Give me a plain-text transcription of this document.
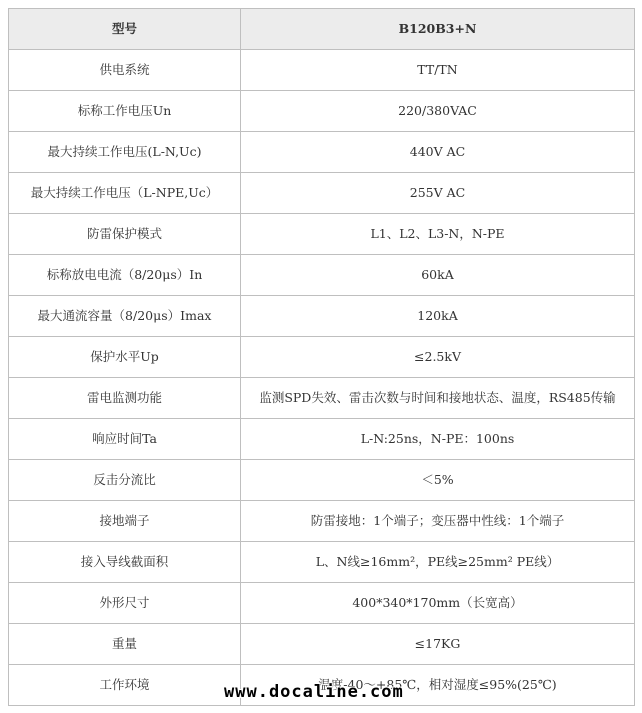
型号	B120B3+N
供电系统	TT/TN
标称工作电压Un	220/380VAC
最大持续工作电压(L-N,Uc)	440V AC
最大持续工作电压（L-NPE,Uc）	255V AC
防雷保护模式	L1、L2、L3-N，N-PE
标称放电电流（8/20μs）In	60kA
最大通流容量（8/20μs）Imax	120kA
保护水平Up	≤2.5kV
雷电监测功能	监测SPD失效、雷击次数与时间和接地状态、温度，RS485传输
响应时间Ta	L-N:25ns，N-PE：100ns
反击分流比	＜5%
接地端子	防雷接地：1个端子；变压器中性线：1个端子
接入导线截面积	L、N线≥16mm²，PE线≥25mm² PE线）
外形尺寸	400*340*170mm（长宽高）
重量	≤17KG
工作环境	温度-40～+85℃，相对湿度≤95%(25℃)
www.docaline.com
